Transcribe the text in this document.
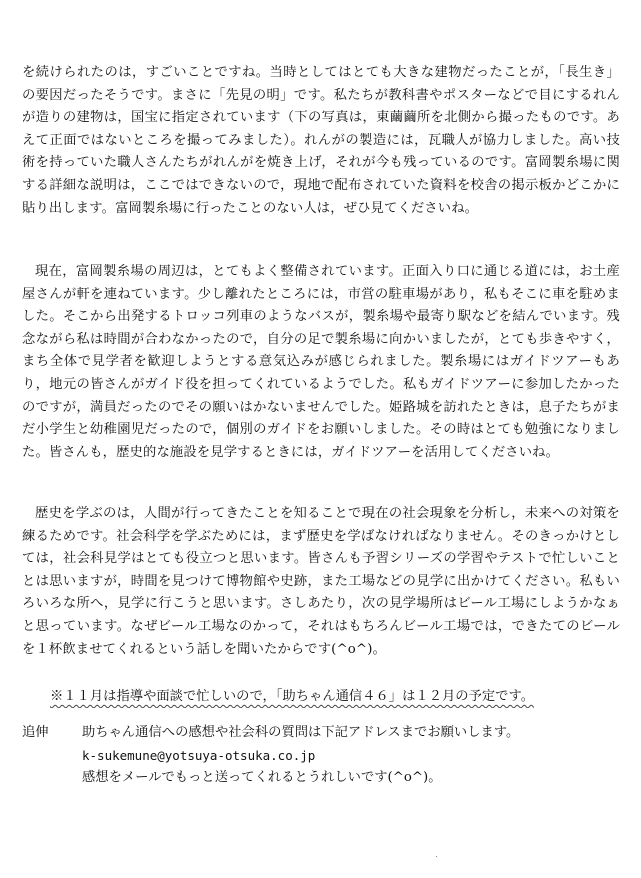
を続けられたのは，すごいことですね。当時としてはとても大きな建物だったことが，「長生き」の要因だったそうです。まさに「先見の明」です。私たちが教科書やポスターなどで目にするれんが造りの建物は，国宝に指定されています（下の写真は，東繭繭所を北側から撮ったものです。あえて正面ではないところを撮ってみました）。れんがの製造には，瓦職人が協力しました。高い技術を持っていた職人さんたちがれんがを焼き上げ，それが今も残っているのです。富岡製糸場に関する詳細な説明は，ここではできないので，現地で配布されていた資料を校舎の掲示板かどこかに貼り出します。富岡製糸場に行ったことのない人は，ぜひ見てくださいね。

現在，富岡製糸場の周辺は，とてもよく整備されています。正面入り口に通じる道には，お土産屋さんが軒を連ねています。少し離れたところには，市営の駐車場があり，私もそこに車を駐めました。そこから出発するトロッコ列車のようなバスが，製糸場や最寄り駅などを結んでいます。残念ながら私は時間が合わなかったので，自分の足で製糸場に向かいましたが，とても歩きやすく，まち全体で見学者を歓迎しようとする意気込みが感じられました。製糸場にはガイドツアーもあり，地元の皆さんがガイド役を担ってくれているようでした。私もガイドツアーに参加したかったのですが，満員だったのでその願いはかないませんでした。姫路城を訪れたときは，息子たちがまだ小学生と幼稚園児だったので，個別のガイドをお願いしました。その時はとても勉強になりました。皆さんも，歴史的な施設を見学するときには，ガイドツアーを活用してくださいね。

歴史を学ぶのは，人間が行ってきたことを知ることで現在の社会現象を分析し，未来への対策を練るためです。社会科学を学ぶためには，まず歴史を学ばなければなりません。そのきっかけとしては，社会科見学はとても役立つと思います。皆さんも予習シリーズの学習やテストで忙しいこととは思いますが，時間を見つけて博物館や史跡，また工場などの見学に出かけてください。私もいろいろな所へ，見学に行こうと思います。さしあたり，次の見学場所はビール工場にしようかなぁと思っています。なぜビール工場なのかって，それはもちろんビール工場では，できたてのビールを１杯飲ませてくれるという話しを聞いたからです(^o^)。

※１１月は指導や面談で忙しいので，「助ちゃん通信４６」は１２月の予定です。
追伸	助ちゃん通信への感想や社会科の質問は下記アドレスまでお願いします。
k-sukemune@yotsuya-otsuka.co.jp
感想をメールでもっと送ってくれるとうれしいです(^o^)。
